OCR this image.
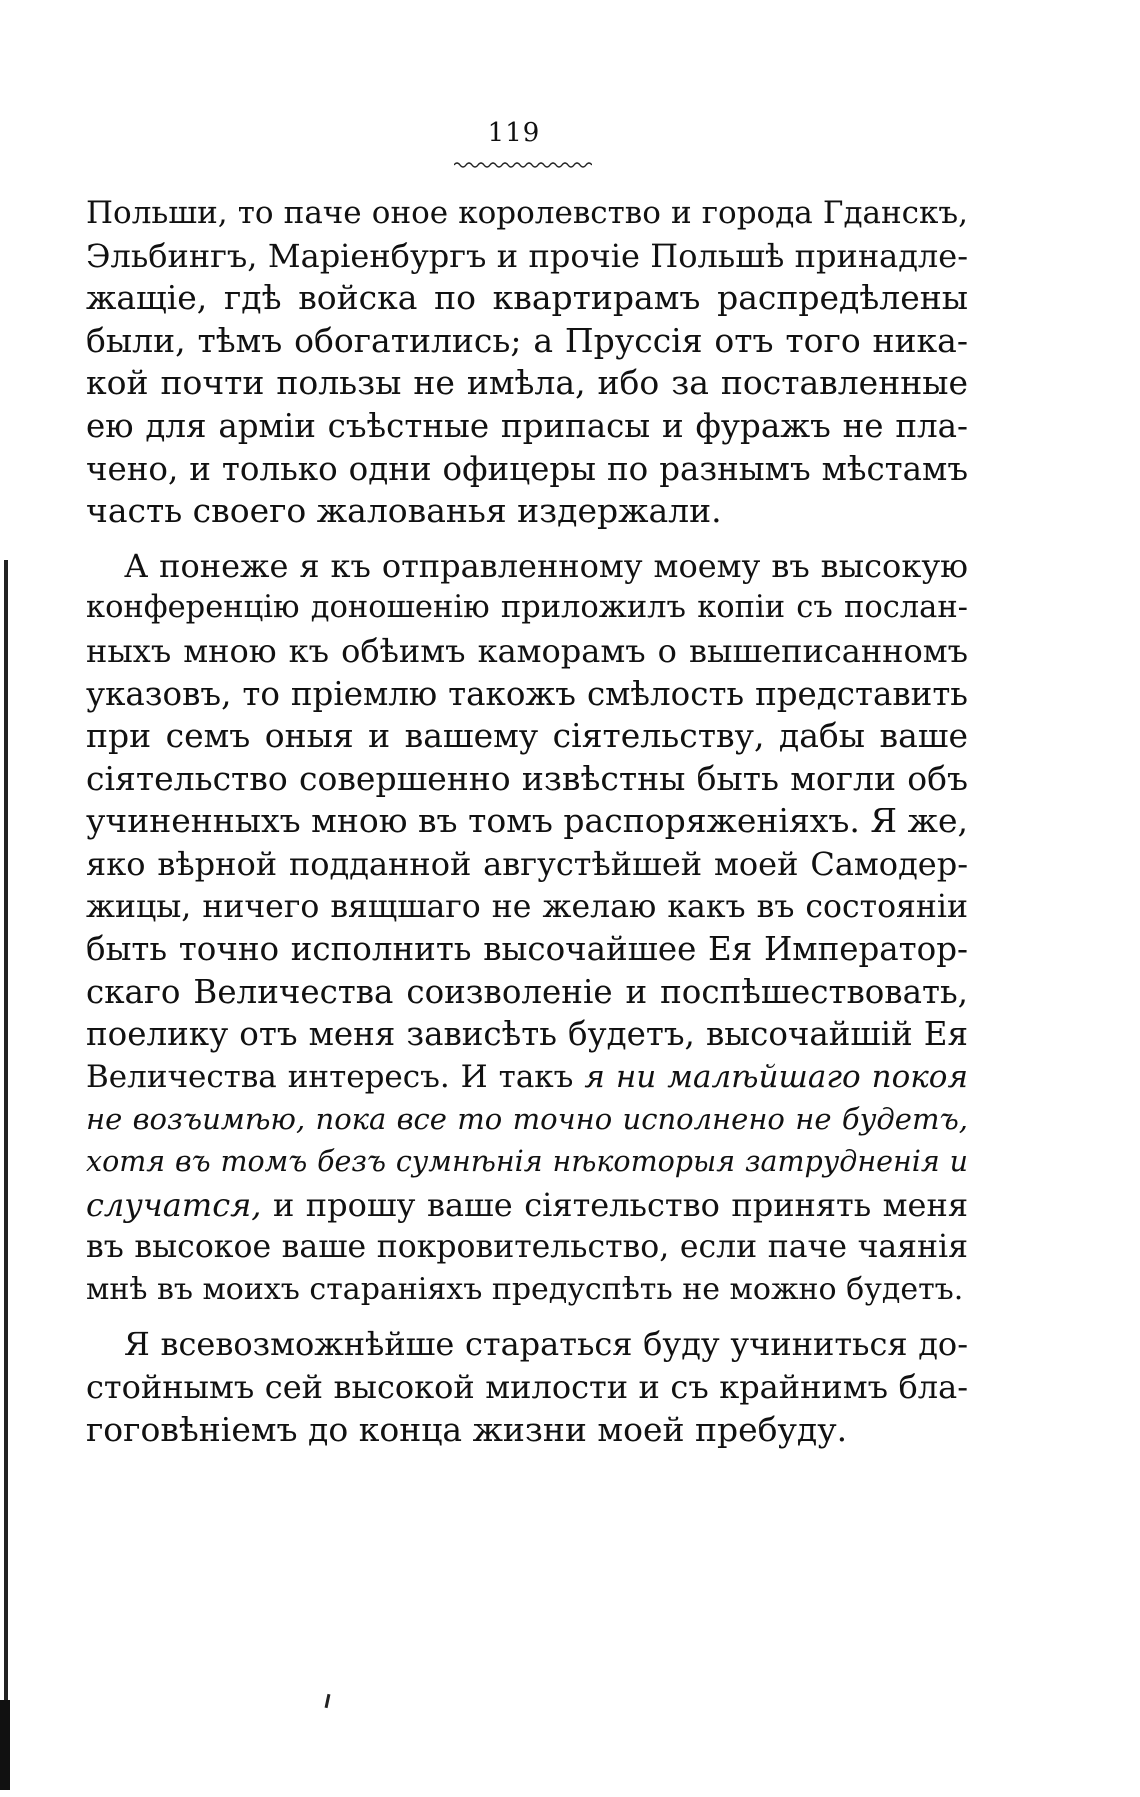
119
Польши, то паче оное королевство и города Гданскъ,
Эльбингъ, Маріенбургъ и прочіе Польшѣ принадле-
жащіе, гдѣ войска по квартирамъ распредѣлены
были, тѣмъ обогатились; а Пруссія отъ того ника-
кой почти пользы не имѣла, ибо за поставленные
ею для арміи съѣстные припасы и фуражъ не пла-
чено, и только одни офицеры по разнымъ мѣстамъ
часть своего жалованья издержали.
А понеже я къ отправленному моему въ высокую
конференцію доношенію приложилъ копіи съ послан-
ныхъ мною къ обѣимъ каморамъ о вышеписанномъ
указовъ, то пріемлю такожъ смѣлость представить
при семъ оныя и вашему сіятельству, дабы ваше
сіятельство совершенно извѣстны быть могли объ
учиненныхъ мною въ томъ распоряженіяхъ. Я же,
яко вѣрной подданной августѣйшей моей Самодер-
жицы, ничего вящшаго не желаю какъ въ состояніи
быть точно исполнить высочайшее Ея Император-
скаго Величества соизволеніе и поспѣшествовать,
поелику отъ меня зависѣть будетъ, высочайшій Ея
Величества интересъ. И такъ я ни малѣйшаго покоя
не возъимѣю, пока все то точно исполнено не будетъ,
хотя въ томъ безъ сумнѣнія нѣкоторыя затрудненія и
случатся, и прошу ваше сіятельство принять меня
въ высокое ваше покровительство, если паче чаянія
мнѣ въ моихъ стараніяхъ предуспѣть не можно будетъ.
Я всевозможнѣйше стараться буду учиниться до-
стойнымъ сей высокой милости и съ крайнимъ бла-
гоговѣніемъ до конца жизни моей пребуду.
